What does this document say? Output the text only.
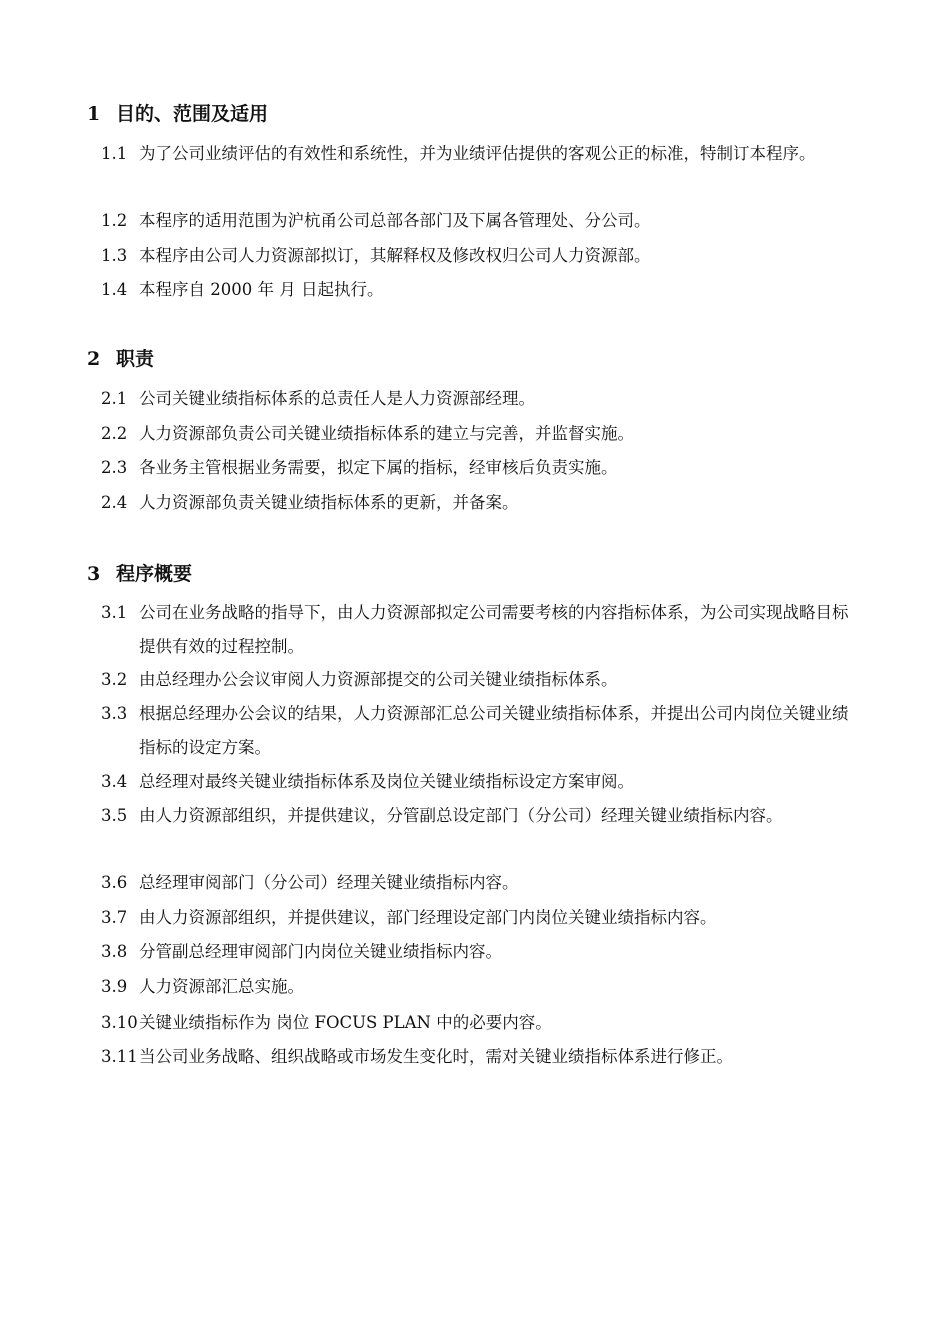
1 目的、范围及适用
1.1 为了公司业绩评估的有效性和系统性，并为业绩评估提供的客观公正的标准，特制订本程序。
1.2 本程序的适用范围为沪杭甬公司总部各部门及下属各管理处、分公司。
1.3 本程序由公司人力资源部拟订，其解释权及修改权归公司人力资源部。
1.4 本程序自 2000 年 月 日起执行。
2 职责
2.1 公司关键业绩指标体系的总责任人是人力资源部经理。
2.2 人力资源部负责公司关键业绩指标体系的建立与完善，并监督实施。
2.3 各业务主管根据业务需要，拟定下属的指标，经审核后负责实施。
2.4 人力资源部负责关键业绩指标体系的更新，并备案。
3 程序概要
3.1 公司在业务战略的指导下，由人力资源部拟定公司需要考核的内容指标体系，为公司实现战略目标提供有效的过程控制。
3.2 由总经理办公会议审阅人力资源部提交的公司关键业绩指标体系。
3.3 根据总经理办公会议的结果，人力资源部汇总公司关键业绩指标体系，并提出公司内岗位关键业绩指标的设定方案。
3.4 总经理对最终关键业绩指标体系及岗位关键业绩指标设定方案审阅。
3.5 由人力资源部组织，并提供建议，分管副总设定部门（分公司）经理关键业绩指标内容。
3.6 总经理审阅部门（分公司）经理关键业绩指标内容。
3.7 由人力资源部组织，并提供建议，部门经理设定部门内岗位关键业绩指标内容。
3.8 分管副总经理审阅部门内岗位关键业绩指标内容。
3.9 人力资源部汇总实施。
3.10 关键业绩指标作为 岗位 FOCUS PLAN 中的必要内容。
3.11 当公司业务战略、组织战略或市场发生变化时，需对关键业绩指标体系进行修正。
